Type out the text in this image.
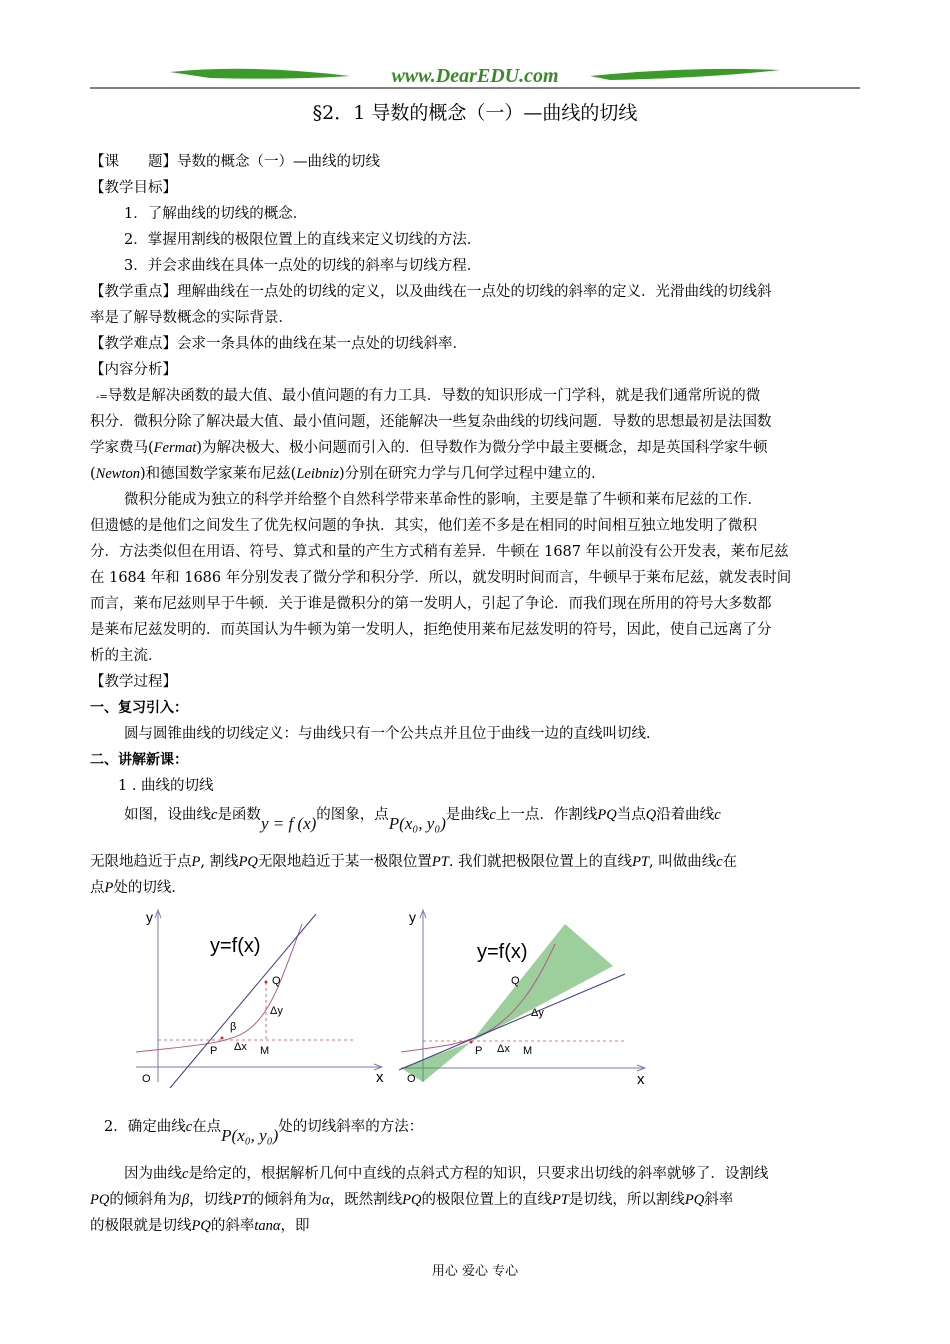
www.DearEDU.com
§2．1 导数的概念（一）—曲线的切线
【课　　题】导数的概念（一）—曲线的切线
【教学目标】
1．了解曲线的切线的概念．
2．掌握用割线的极限位置上的直线来定义切线的方法．
3．并会求曲线在具体一点处的切线的斜率与切线方程．
【教学重点】理解曲线在一点处的切线的定义，以及曲线在一点处的切线的斜率的定义．光滑曲线的切线斜
率是了解导数概念的实际背景．
【教学难点】会求一条具体的曲线在某一点处的切线斜率．
【内容分析】
-=导数是解决函数的最大值、最小值问题的有力工具．导数的知识形成一门学科，就是我们通常所说的微
积分．微积分除了解决最大值、最小值问题，还能解决一些复杂曲线的切线问题．导数的思想最初是法国数
学家费马(Fermat)为解决极大、极小问题而引入的．但导数作为微分学中最主要概念，却是英国科学家牛顿
(Newton)和德国数学家莱布尼兹(Leibniz)分别在研究力学与几何学过程中建立的．
微积分能成为独立的科学并给整个自然科学带来革命性的影响，主要是靠了牛顿和莱布尼兹的工作．
但遗憾的是他们之间发生了优先权问题的争执．其实，他们差不多是在相同的时间相互独立地发明了微积
分．方法类似但在用语、符号、算式和量的产生方式稍有差异．牛顿在 1687 年以前没有公开发表，莱布尼兹
在 1684 年和 1686 年分别发表了微分学和积分学．所以，就发明时间而言，牛顿早于莱布尼兹，就发表时间
而言，莱布尼兹则早于牛顿．关于谁是微积分的第一发明人，引起了争论．而我们现在所用的符号大多数都
是莱布尼兹发明的．而英国认为牛顿为第一发明人，拒绝使用莱布尼兹发明的符号，因此，使自己远离了分
析的主流．
【教学过程】
一、复习引入：
圆与圆锥曲线的切线定义：与曲线只有一个公共点并且位于曲线一边的直线叫切线．
二、讲解新课：
1 . 曲线的切线
如图，设曲线c是函数y = f (x)的图象，点P(x₀, y₀)是曲线c上一点．作割线PQ当点Q沿着曲线c
无限地趋近于点P, 割线PQ无限地趋近于某一极限位置PT. 我们就把极限位置上的直线PT, 叫做曲线c在
点P处的切线．
y
x
O
y=f(x)
Q
P	M
Δx
Δy
β
y
x
O
y=f(x)
Q
P	M
Δx
Δy
2．确定曲线c在点P(x₀, y₀)处的切线斜率的方法：
因为曲线c是给定的，根据解析几何中直线的点斜式方程的知识，只要求出切线的斜率就够了．设割线
PQ的倾斜角为β，切线PT的倾斜角为α，既然割线PQ的极限位置上的直线PT是切线，所以割线PQ斜率
的极限就是切线PQ的斜率tanα，即
用心 爱心 专心
